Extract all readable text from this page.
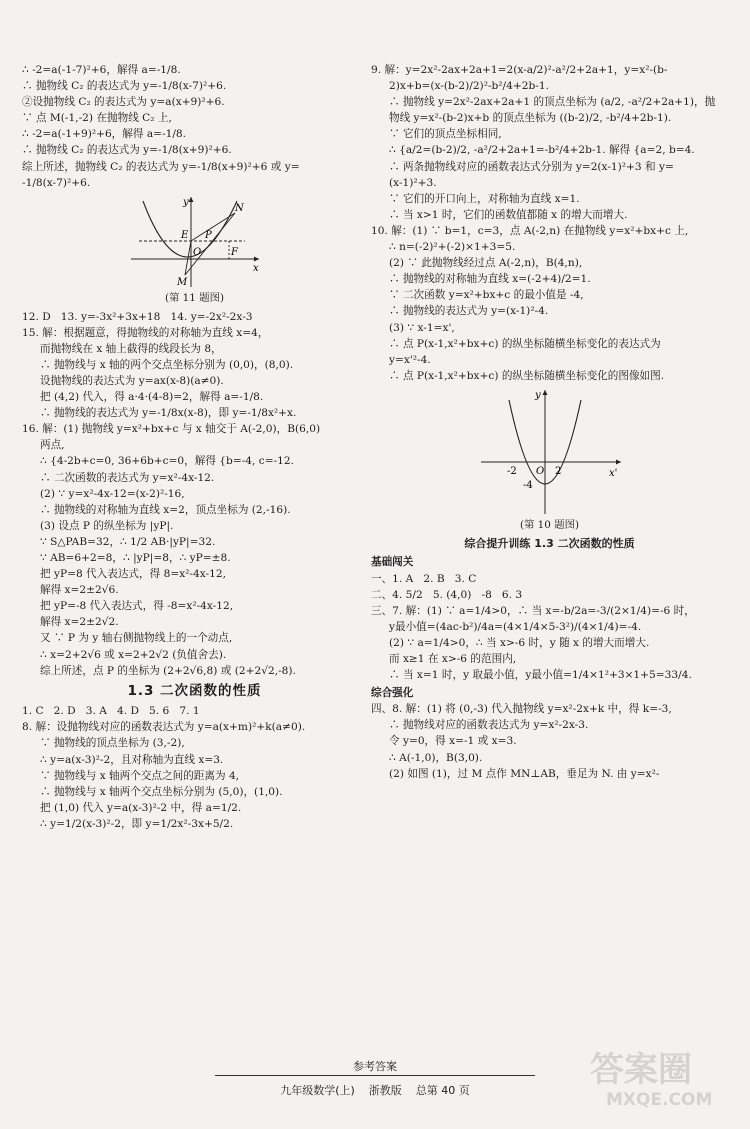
∴ -2=a(-1-7)²+6，解得 a=-1/8.

∴ 抛物线 C₂ 的表达式为 y=-1/8(x-7)²+6.

②设抛物线 C₂ 的表达式为 y=a(x+9)²+6.

∵ 点 M(-1,-2) 在抛物线 C₂ 上,

∴ -2=a(-1+9)²+6，解得 a=-1/8.

∴ 抛物线 C₂ 的表达式为 y=-1/8(x+9)²+6.

综上所述，抛物线 C₂ 的表达式为 y=-1/8(x+9)²+6 或 y=

-1/8(x-7)²+6.

y
N
E P
O	F
M
x

(第 11 题图)

12. D   13. y=-3x²+3x+18   14. y=-2x²-2x-3

15. 解：根据题意，得抛物线的对称轴为直线 x=4，

而抛物线在 x 轴上截得的线段长为 8，

∴ 抛物线与 x 轴的两个交点坐标分别为 (0,0)，(8,0).

设抛物线的表达式为 y=ax(x-8)(a≠0).

把 (4,2) 代入，得 a·4·(4-8)=2，解得 a=-1/8.

∴ 抛物线的表达式为 y=-1/8x(x-8)，即 y=-1/8x²+x.

16. 解：(1) 抛物线 y=x²+bx+c 与 x 轴交于 A(-2,0)，B(6,0)

两点,

∴ {4-2b+c=0, 36+6b+c=0，解得 {b=-4, c=-12.

∴ 二次函数的表达式为 y=x²-4x-12.

(2) ∵ y=x²-4x-12=(x-2)²-16,

∴ 抛物线的对称轴为直线 x=2，顶点坐标为 (2,-16).

(3) 设点 P 的纵坐标为 |yP|.

∵ S△PAB=32，∴ 1/2 AB·|yP|=32.

∵ AB=6+2=8，∴ |yP|=8，∴ yP=±8.

把 yP=8 代入表达式，得 8=x²-4x-12,

解得 x=2±2√6.

把 yP=-8 代入表达式，得 -8=x²-4x-12,

解得 x=2±2√2.

又 ∵ P 为 y 轴右侧抛物线上的一个动点,

∴ x=2+2√6 或 x=2+2√2 (负值舍去).

综上所述，点 P 的坐标为 (2+2√6,8) 或 (2+2√2,-8).

1.3 二次函数的性质

1. C   2. D   3. A   4. D   5. 6   7. 1

8. 解：设抛物线对应的函数表达式为 y=a(x+m)²+k(a≠0).

∵ 抛物线的顶点坐标为 (3,-2),

∴ y=a(x-3)²-2，且对称轴为直线 x=3.

∵ 抛物线与 x 轴两个交点之间的距离为 4,

∴ 抛物线与 x 轴两个交点坐标分别为 (5,0)，(1,0).

把 (1,0) 代入 y=a(x-3)²-2 中，得 a=1/2.

∴ y=1/2(x-3)²-2，即 y=1/2x²-3x+5/2.

9. 解：y=2x²-2ax+2a+1=2(x-a/2)²-a²/2+2a+1，y=x²-(b-

2)x+b=(x-(b-2)/2)²-b²/4+2b-1.

∴ 抛物线 y=2x²-2ax+2a+1 的顶点坐标为 (a/2, -a²/2+2a+1)，抛

物线 y=x²-(b-2)x+b 的顶点坐标为 ((b-2)/2, -b²/4+2b-1).

∵ 它们的顶点坐标相同,

∴ {a/2=(b-2)/2, -a²/2+2a+1=-b²/4+2b-1. 解得 {a=2, b=4.

∴ 两条抛物线对应的函数表达式分别为 y=2(x-1)²+3 和 y=

(x-1)²+3.

∵ 它们的开口向上，对称轴为直线 x=1.

∴ 当 x>1 时，它们的函数值都随 x 的增大而增大.

10. 解：(1) ∵ b=1，c=3，点 A(-2,n) 在抛物线 y=x²+bx+c 上,

∴ n=(-2)²+(-2)×1+3=5.

(2) ∵ 此抛物线经过点 A(-2,n)，B(4,n),

∴ 抛物线的对称轴为直线 x=(-2+4)/2=1.

∵ 二次函数 y=x²+bx+c 的最小值是 -4,

∴ 抛物线的表达式为 y=(x-1)²-4.

(3) ∵ x-1=x',

∴ 点 P(x-1,x²+bx+c) 的纵坐标随横坐标变化的表达式为

y=x'²-4.

∴ 点 P(x-1,x²+bx+c) 的纵坐标随横坐标变化的图像如图.

y
-2 O 2	x'
-4

(第 10 题图)

综合提升训练 1.3 二次函数的性质
基础闯关

一、1. A   2. B   3. C

二、4. 5/2   5. (4,0)   -8   6. 3

三、7. 解：(1) ∵ a=1/4>0，∴ 当 x=-b/2a=-3/(2×1/4)=-6 时，

y最小值=(4ac-b²)/4a=(4×1/4×5-3²)/(4×1/4)=-4.

(2) ∵ a=1/4>0，∴ 当 x>-6 时，y 随 x 的增大而增大.

而 x≥1 在 x>-6 的范围内,

∴ 当 x=1 时，y 取最小值，y最小值=1/4×1²+3×1+5=33/4.

综合强化

四、8. 解：(1) 将 (0,-3) 代入抛物线 y=x²-2x+k 中，得 k=-3,

∴ 抛物线对应的函数表达式为 y=x²-2x-3.

令 y=0，得 x=-1 或 x=3.

∴ A(-1,0)，B(3,0).

(2) 如图 (1)，过 M 点作 MN⊥AB，垂足为 N. 由 y=x²-

参考答案
九年级数学(上) 浙教版 总第 40 页
答案圈
MXQE.COM
